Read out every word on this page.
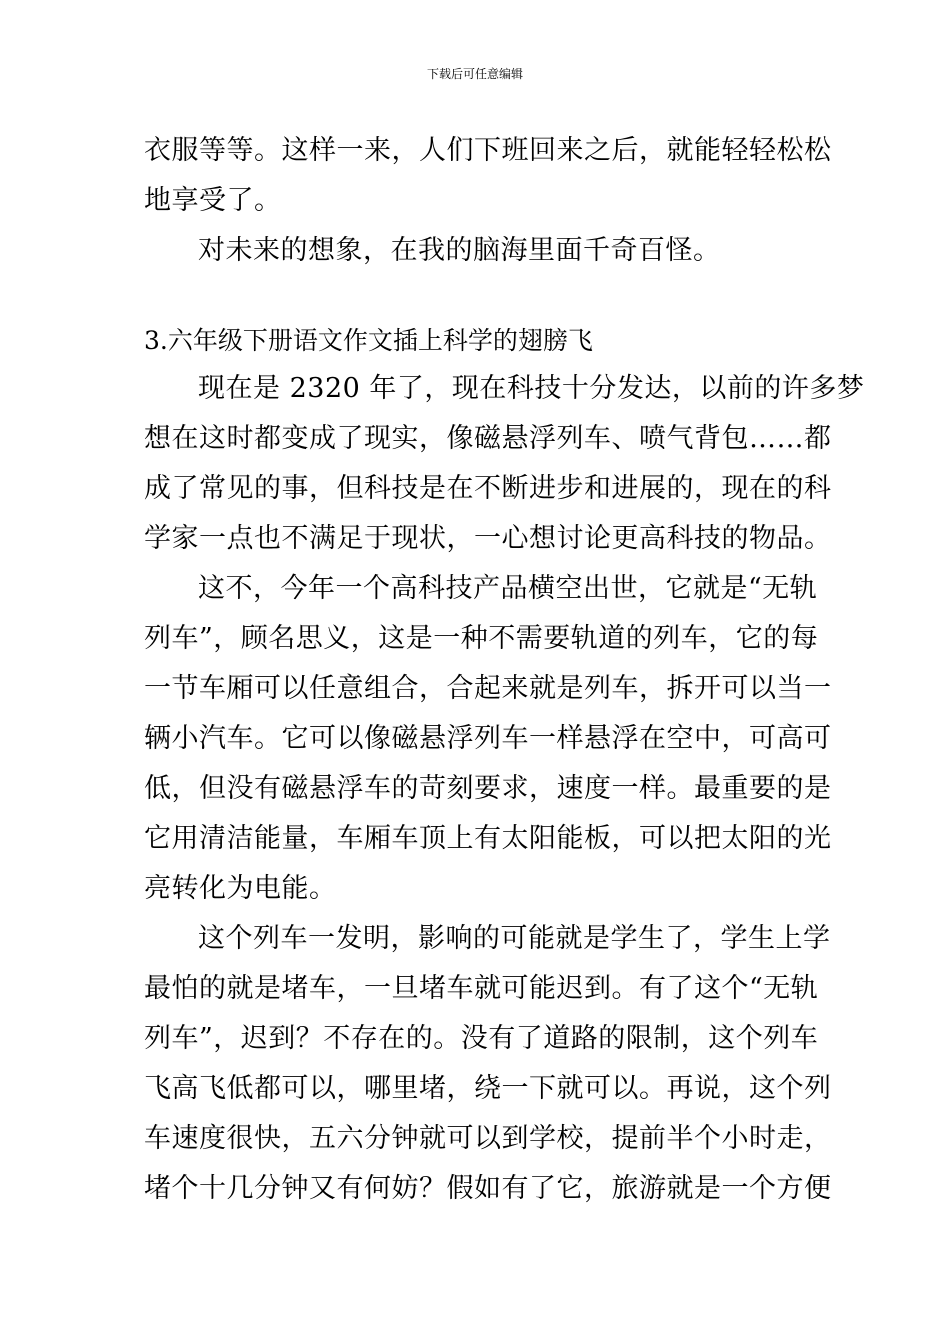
下载后可任意编辑
衣服等等。这样一来，人们下班回来之后，就能轻轻松松
地享受了。
对未来的想象，在我的脑海里面千奇百怪。
3.六年级下册语文作文插上科学的翅膀飞
现在是 2320 年了，现在科技十分发达，以前的许多梦
想在这时都变成了现实，像磁悬浮列车、喷气背包……都
成了常见的事，但科技是在不断进步和进展的，现在的科
学家一点也不满足于现状，一心想讨论更高科技的物品。
这不，今年一个高科技产品横空出世，它就是“无轨
列车”，顾名思义，这是一种不需要轨道的列车，它的每
一节车厢可以任意组合，合起来就是列车，拆开可以当一
辆小汽车。它可以像磁悬浮列车一样悬浮在空中，可高可
低，但没有磁悬浮车的苛刻要求，速度一样。最重要的是
它用清洁能量，车厢车顶上有太阳能板，可以把太阳的光
亮转化为电能。
这个列车一发明，影响的可能就是学生了，学生上学
最怕的就是堵车，一旦堵车就可能迟到。有了这个“无轨
列车”，迟到？不存在的。没有了道路的限制，这个列车
飞高飞低都可以，哪里堵，绕一下就可以。再说，这个列
车速度很快，五六分钟就可以到学校，提前半个小时走，
堵个十几分钟又有何妨？假如有了它，旅游就是一个方便
